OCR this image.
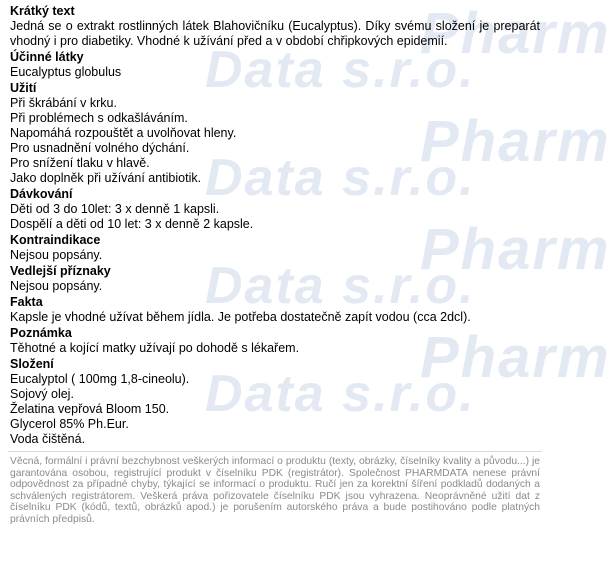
Pharm
Data s.r.o.
Pharm
Data s.r.o.
Pharm
Data s.r.o.
Pharm
Data s.r.o.
Krátký text
Jedná se o extrakt rostlinných látek Blahovičníku (Eucalyptus). Díky svému složení je preparát vhodný i pro diabetiky. Vhodné k užívání před a v období chřipkových epidemií.
Účinné látky
Eucalyptus globulus
Užití
Při škrábání v krku.
Při problémech s odkašláváním.
Napomáhá rozpouštět a uvolňovat hleny.
Pro usnadnění volného dýchání.
Pro snížení tlaku v hlavě.
Jako doplněk při užívání antibiotik.
Dávkování
Děti od 3 do 10let: 3 x denně 1 kapsli.
Dospělí a děti od 10 let: 3 x denně 2 kapsle.
Kontraindikace
Nejsou popsány.
Vedlejší příznaky
Nejsou popsány.
Fakta
Kapsle je vhodné užívat během jídla. Je potřeba dostatečně zapít vodou (cca 2dcl).
Poznámka
Těhotné a kojící matky užívají po dohodě s lékařem.
Složení
Eucalyptol ( 100mg 1,8-cineolu).
Sojový olej.
Želatina vepřová Bloom 150.
Glycerol 85% Ph.Eur.
Voda čištěná.
Věcná, formální i právní bezchybnost veškerých informací o produktu (texty, obrázky, číselníky kvality a původu...) je garantována osobou, registrující produkt v číselníku PDK (registrátor). Společnost PHARMDATA nenese právní odpovědnost za případné chyby, týkající se informací o produktu. Ručí jen za korektní šíření podkladů dodaných a schválených registrátorem. Veškerá práva pořizovatele číselníku PDK jsou vyhrazena. Neoprávněné užití dat z číselníku PDK (kódů, textů, obrázků apod.) je porušením autorského práva a bude postihováno podle platných právních předpisů.
